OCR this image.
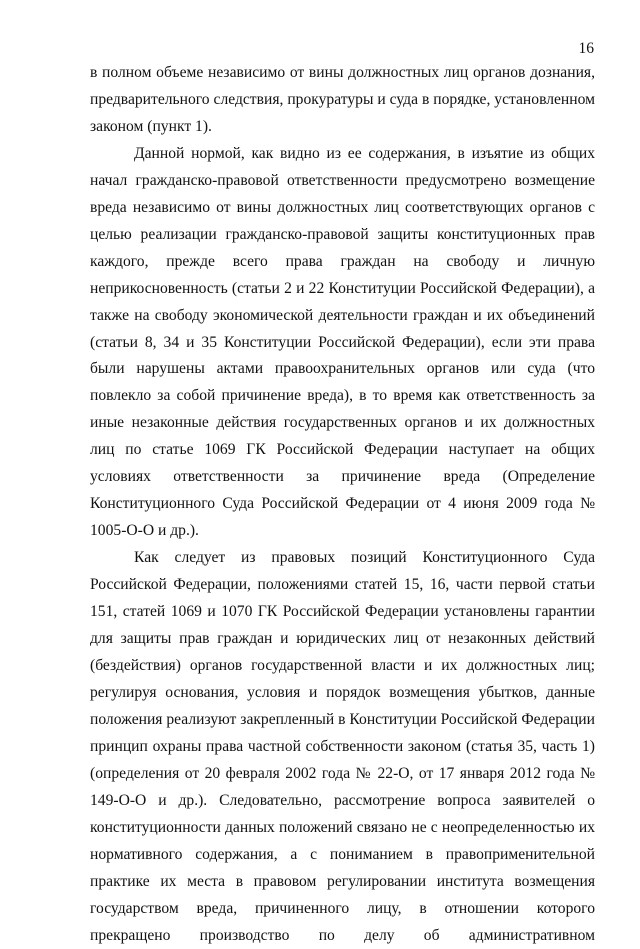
16

в полном объеме независимо от вины должностных лиц органов дознания, предварительного следствия, прокуратуры и суда в порядке, установленном законом (пункт 1).

Данной нормой, как видно из ее содержания, в изъятие из общих начал гражданско-правовой ответственности предусмотрено возмещение вреда независимо от вины должностных лиц соответствующих органов с целью реализации гражданско-правовой защиты конституционных прав каждого, прежде всего права граждан на свободу и личную неприкосновенность (статьи 2 и 22 Конституции Российской Федерации), а также на свободу экономической деятельности граждан и их объединений (статьи 8, 34 и 35 Конституции Российской Федерации), если эти права были нарушены актами правоохранительных органов или суда (что повлекло за собой причинение вреда), в то время как ответственность за иные незаконные действия государственных органов и их должностных лиц по статье 1069 ГК Российской Федерации наступает на общих условиях ответственности за причинение вреда (Определение Конституционного Суда Российской Федерации от 4 июня 2009 года № 1005-О-О и др.).

Как следует из правовых позиций Конституционного Суда Российской Федерации, положениями статей 15, 16, части первой статьи 151, статей 1069 и 1070 ГК Российской Федерации установлены гарантии для защиты прав граждан и юридических лиц от незаконных действий (бездействия) органов государственной власти и их должностных лиц; регулируя основания, условия и порядок возмещения убытков, данные положения реализуют закрепленный в Конституции Российской Федерации принцип охраны права частной собственности законом (статья 35, часть 1) (определения от 20 февраля 2002 года № 22-О, от 17 января 2012 года № 149-О-О и др.). Следовательно, рассмотрение вопроса заявителей о конституционности данных положений связано не с неопределенностью их нормативного содержания, а с пониманием в правоприменительной практике их места в правовом регулировании института возмещения государством вреда, причиненного лицу, в отношении которого прекращено производство по делу об административном
